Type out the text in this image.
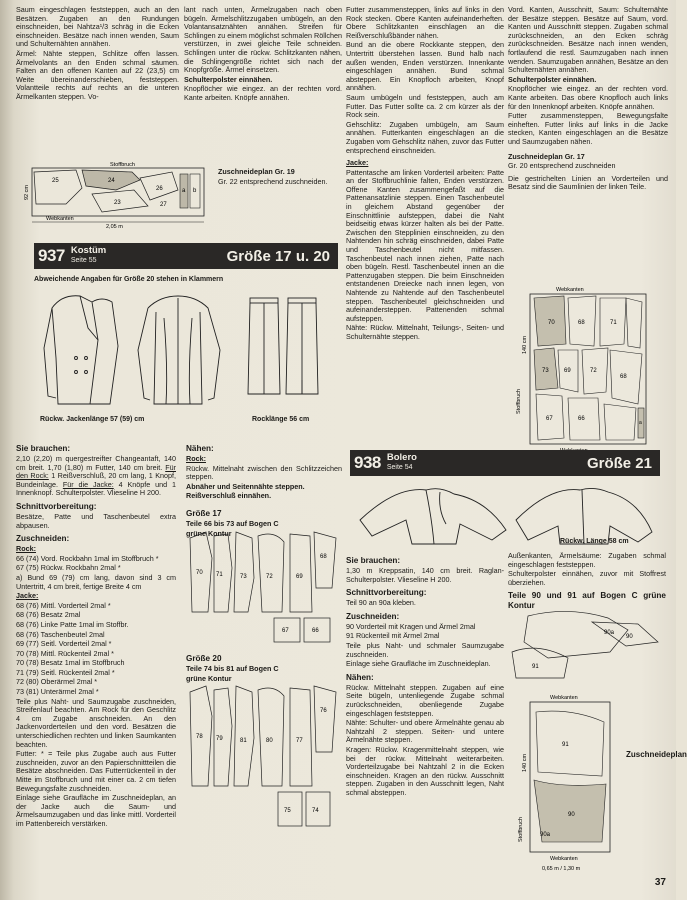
Saum eingeschlagen feststeppen, auch an den Besätzen. Zugaben an den Rundungen einschneiden, bei Nahtza¹/3 schräg in die Ecken einschneiden. Besätze nach innen wenden, Saum und Schulternähten annähen.

Ärmel: Nähte steppen, Schlitze offen lassen. Ärmelvolants an den Enden schmal säumen. Falten an den offenen Kanten auf 22 (23,5) cm Weite übereinanderschieben, feststeppen. Volantteile rechts auf rechts an die unteren Ärmelkanten steppen. Vo-

lant nach unten, Ärmelzugaben nach oben bügeln. Ärmelschlitzzugaben umbügeln, an den Volantansatznähten annähen. Streifen für Schlingen zu einem möglichst schmalen Röllchen verstürzen, in zwei gleiche Teile schneiden. Schlingen unter die rückw. Schlitzkanten nähen, die Schlingengröße richtet sich nach der Knopfgröße. Ärmel einsetzen.

Schulterpolster einnähen.

Knopflöcher wie eingez. an der rechten vord. Kante arbeiten. Knöpfe annähen.

25	24
23
26
27
a b
Stoffbruch
Webkanten
2,05 m
92 cm

Zuschneideplan Gr. 19

Gr. 22 entsprechend zuschneiden.

937 Kostüm
Seite 55	Größe 17 u. 20
Abweichende Angaben für Größe 20 stehen in Klammern
Rückw. Jackenlänge 57 (59) cm	Rocklänge 56 cm

Sie brauchen:

2,10 (2,20) m quergestreifter Changeantaft, 140 cm breit. 1,70 (1,80) m Futter, 140 cm breit. Für den Rock: 1 Reißverschluß, 20 cm lang, 1 Knopf, Bundeinlage. Für die Jacke: 4 Knöpfe und 1 Innenknopf. Schulterpolster. Vlieseline H 200.

Schnittvorbereitung:

Besätze, Patte und Taschenbeutel extra abpausen.

Zuschneiden:

Rock:

66 (74) Vord. Rockbahn 1mal im Stoffbruch *

67 (75) Rückw. Rockbahn 2mal *

a) Bund 69 (79) cm lang, davon sind 3 cm Untertritt, 4 cm breit, fertige Breite 4 cm

Jacke:

68 (76) Mittl. Vorderteil 2mal *

68 (76) Besatz 2mal

68 (76) Linke Patte 1mal im Stoffbr.

68 (76) Taschenbeutel 2mal

69 (77) Seitl. Vorderteil 2mal *

70 (78) Mittl. Rückenteil 2mal *

70 (78) Besatz 1mal im Stoffbruch

71 (79) Seitl. Rückenteil 2mal *

72 (80) Oberärmel 2mal *

73 (81) Unterärmel 2mal *

Teile plus Naht- und Saumzugabe zuschneiden, Streifenlauf beachten. Am Rock für den Geschlitz 4 cm Zugabe anschneiden. An den Jackenvorderteilen und den vord. Besätzen die unterschiedlichen rechten und linken Saumkanten beachten.

Futter: * = Teile plus Zugabe auch aus Futter zuschneiden, zuvor an den Papierschnittteilen die Besätze abschneiden. Das Futterrückenteil in der Mitte im Stoffbruch und mit einer ca. 2 cm tiefen Bewegungsfalte zuschneiden.

Einlage siehe Graufläche im Zuschneideplan, an der Jacke auch die Saum- und Ärmelsaumzugaben und das linke mittl. Vorderteil im Pattenbereich verstärken.

Nähen:

Rock:

Rückw. Mittelnaht zwischen den Schlitzzeichen steppen.

Abnäher und Seitennähte steppen.

Reißverschluß einnähen.

Größe 17

Teile 66 bis 73 auf Bogen C

grüne Kontur

70 71	73	72	69
68
67	66

Größe 20

Teile 74 bis 81 auf Bogen C

grüne Kontur

78 79	81	80	77
76
75	74

Futter zusammensteppen, links auf links in den Rock stecken. Obere Kanten aufeinanderheften. Obere Schlitzkanten einschlagen an die Reißverschlußbänder nähen.

Bund an die obere Rockkante steppen, den Untertritt überstehen lassen. Bund halb nach außen wenden, Enden verstürzen. Innenkante eingeschlagen annähen. Bund schmal absteppen. Ein Knopfloch arbeiten, Knopf annähen.

Saum umbügeln und feststeppen, auch am Futter. Das Futter sollte ca. 2 cm kürzer als der Rock sein.

Gehschlitz: Zugaben umbügeln, am Saum annähen. Futterkanten eingeschlagen an die Zugaben vom Gehschlitz nähen, zuvor das Futter entsprechend einschneiden.

Jacke:

Pattentasche am linken Vorderteil arbeiten: Patte an der Stoffbruchlinie falten, Enden verstürzen. Offene Kanten zusammengefaßt auf die Pattenansatzlinie steppen. Einen Taschenbeutel in gleichem Abstand gegenüber der Einschnittlinie aufsteppen, dabei die Naht beidseitig etwas kürzer halten als bei der Patte. Zwischen den Stepplinien einschneiden, zu den Nahtenden hin schräg einschneiden, dabei Patte und Taschenbeutel nicht mitfassen. Taschenbeutel nach innen ziehen, Patte nach oben bügeln. Restl. Taschenbeutel innen an die Pattenzugaben steppen. Die beim Einschneiden entstandenen Dreiecke nach innen legen, von Nahtende zu Nahtende auf den Taschenbeutel steppen. Taschenbeutel gleichschneiden und aufeinandersteppen. Pattenenden schmal aufsteppen.

Nähte: Rückw. Mittelnaht, Teilungs-, Seiten- und Schulternähte steppen.

Vord. Kanten, Ausschnitt, Saum: Schulternähte der Besätze steppen. Besätze auf Saum, vord. Kanten und Ausschnitt steppen. Zugaben schmal zurückschneiden, an den Ecken schräg zurückschneiden. Besätze nach innen wenden, fortlaufend die restl. Saumzugaben nach innen wenden. Saumzugaben annähen, Besätze an den Schulternähten annähen.

Schulterpolster einnähen.

Knopflöcher wie eingez. an der rechten vord. Kante arbeiten. Das obere Knopfloch auch links für den Innenknopf arbeiten. Knöpfe annähen.

Futter zusammensteppen, Bewegungsfalte einheften. Futter links auf links in die Jacke stecken, Kanten eingeschlagen an die Besätze und Saumzugaben nähen.

Zuschneideplan Gr. 17

Gr. 20 entsprechend zuschneiden

Die gestrichelten Linien an Vorderteilen und Besatz sind die Saumlinien der linken Teile.

70	68	71
73	69	72
68
67	66
a
Webkanten
Stoffbruch
140 cm
938 Bolero
Seite 54	Größe 21
Rückw. Länge 58 cm

Sie brauchen:

1,30 m Kreppsatin, 140 cm breit. Raglan-Schulterpolster. Vlieseline H 200.

Schnittvorbereitung:

Teil 90 an 90a kleben.

Zuschneiden:

90 Vorderteil mit Kragen und Ärmel 2mal

91 Rückenteil mit Ärmel 2mal

Teile plus Naht- und schmaler Saumzugabe zuschneiden.

Einlage siehe Graufläche im Zuschneideplan.

Nähen:

Rückw. Mittelnaht steppen. Zugaben auf eine Seite bügeln, untenliegende Zugabe schmal zurückschneiden, obenliegende Zugabe eingeschlagen feststeppen.

Nähte: Schulter- und obere Ärmelnähte genau ab Nahtzahl 2 steppen. Seiten- und untere Ärmelnähte steppen.

Kragen: Rückw. Kragenmittelnaht steppen, wie bei der rückw. Mittelnaht weiterarbeiten. Vorderteilzugabe bei Nahtzahl 2 in die Ecken einschneiden. Kragen an den rückw. Ausschnitt steppen. Zugaben in den Ausschnitt legen, Naht schmal absteppen.

Außenkanten, Ärmelsäume: Zugaben schmal eingeschlagen feststeppen.

Schulterpolster einnähen, zuvor mit Stoffrest überziehen.

Teile 90 und 91 auf Bogen C grüne Kontur

90
90a
91
91
90
90a
Webkanten
Webkanten
Stoffbruch
140 cm
0,65 m / 1,30 m
Zuschneideplan
37
